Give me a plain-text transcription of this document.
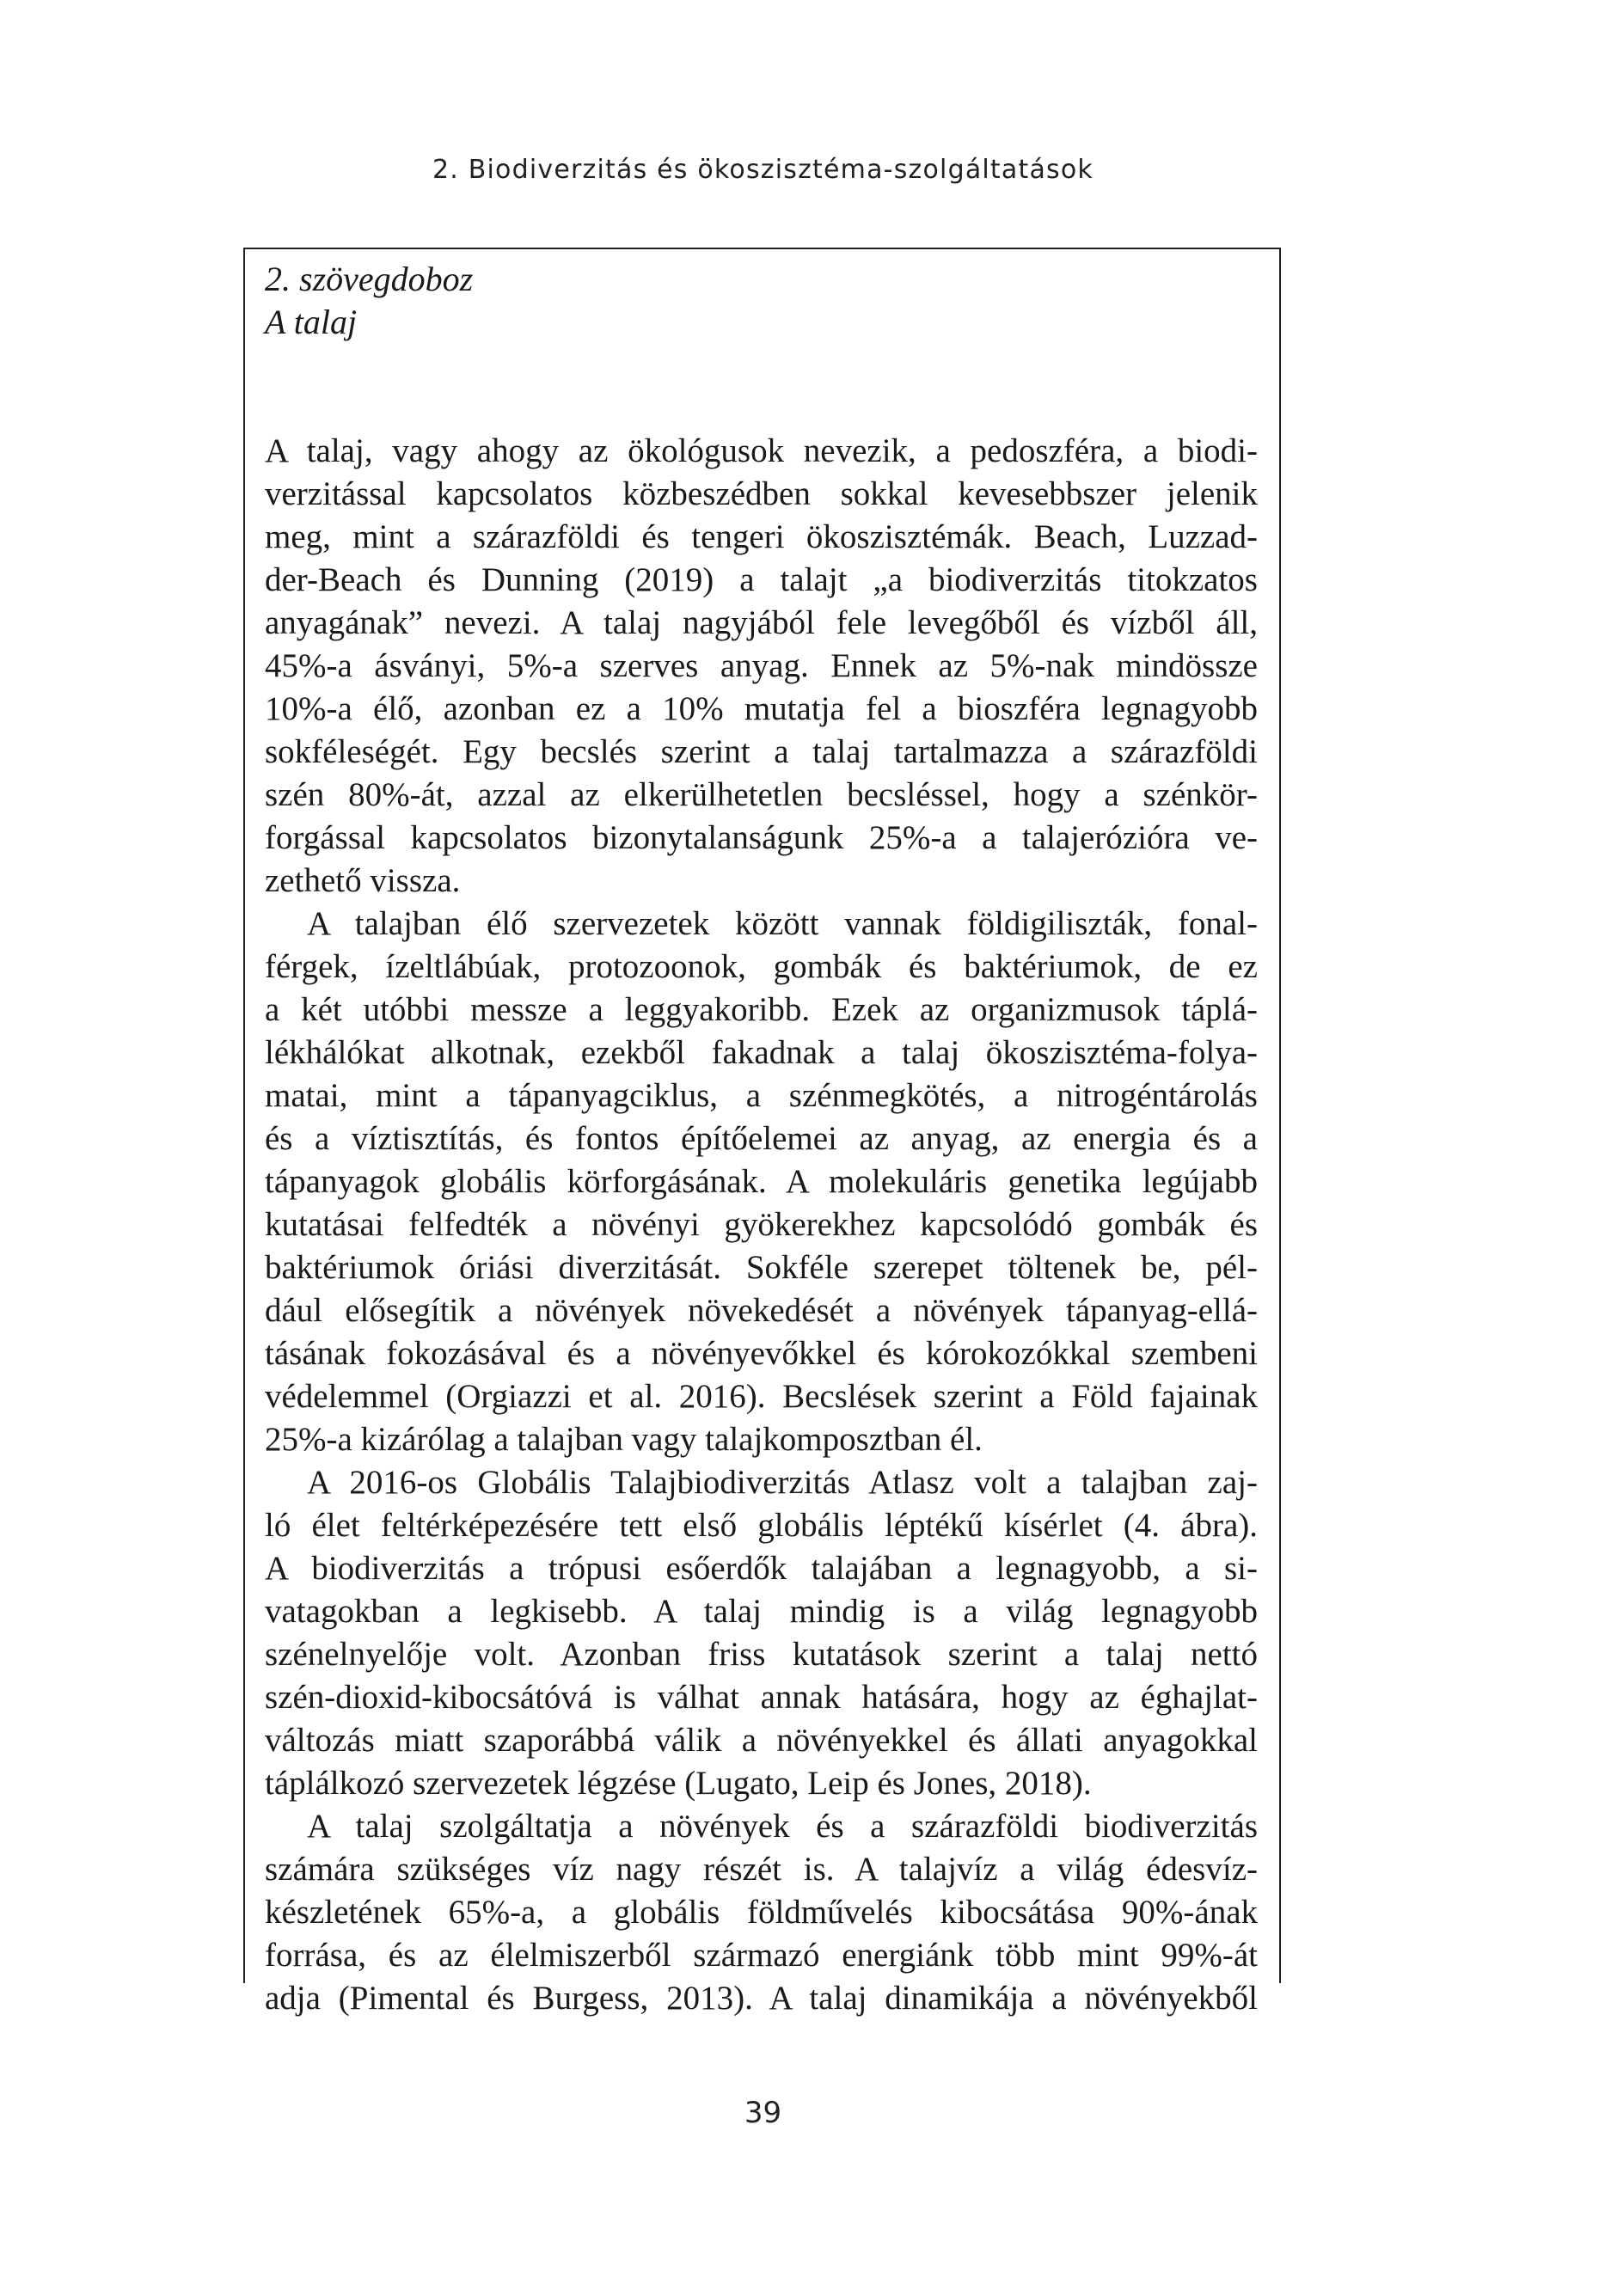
2. Biodiverzitás és ökoszisztéma-szolgáltatások
2. szövegdoboz
A talaj
A talaj, vagy ahogy az ökológusok nevezik, a pedoszféra, a biodi-
verzitással kapcsolatos közbeszédben sokkal kevesebbszer jelenik
meg, mint a szárazföldi és tengeri ökoszisztémák. Beach, Luzzad-
der-Beach és Dunning (2019) a talajt „a biodiverzitás titokzatos
anyagának” nevezi. A talaj nagyjából fele levegőből és vízből áll,
45%-a ásványi, 5%-a szerves anyag. Ennek az 5%-nak mindössze
10%-a élő, azonban ez a 10% mutatja fel a bioszféra legnagyobb
sokféleségét. Egy becslés szerint a talaj tartalmazza a szárazföldi
szén 80%-át, azzal az elkerülhetetlen becsléssel, hogy a szénkör-
forgással kapcsolatos bizonytalanságunk 25%-a a talajerózióra ve-
zethető vissza.
A talajban élő szervezetek között vannak földigiliszták, fonal-
férgek, ízeltlábúak, protozoonok, gombák és baktériumok, de ez
a két utóbbi messze a leggyakoribb. Ezek az organizmusok táplá-
lékhálókat alkotnak, ezekből fakadnak a talaj ökoszisztéma-folya-
matai, mint a tápanyagciklus, a szénmegkötés, a nitrogéntárolás
és a víztisztítás, és fontos építőelemei az anyag, az energia és a
tápanyagok globális körforgásának. A molekuláris genetika legújabb
kutatásai felfedték a növényi gyökerekhez kapcsolódó gombák és
baktériumok óriási diverzitását. Sokféle szerepet töltenek be, pél-
dául elősegítik a növények növekedését a növények tápanyag-ellá-
tásának fokozásával és a növényevőkkel és kórokozókkal szembeni
védelemmel (Orgiazzi et al. 2016). Becslések szerint a Föld fajainak
25%-a kizárólag a talajban vagy talajkomposztban él.
A 2016-os Globális Talajbiodiverzitás Atlasz volt a talajban zaj-
ló élet feltérképezésére tett első globális léptékű kísérlet (4. ábra).
A biodiverzitás a trópusi esőerdők talajában a legnagyobb, a si-
vatagokban a legkisebb. A talaj mindig is a világ legnagyobb
szénelnyelője volt. Azonban friss kutatások szerint a talaj nettó
szén-dioxid-kibocsátóvá is válhat annak hatására, hogy az éghajlat-
változás miatt szaporábbá válik a növényekkel és állati anyagokkal
táplálkozó szervezetek légzése (Lugato, Leip és Jones, 2018).
A talaj szolgáltatja a növények és a szárazföldi biodiverzitás
számára szükséges víz nagy részét is. A talajvíz a világ édesvíz-
készletének 65%-a, a globális földművelés kibocsátása 90%-ának
forrása, és az élelmiszerből származó energiánk több mint 99%-át
adja (Pimental és Burgess, 2013). A talaj dinamikája a növényekből
39
